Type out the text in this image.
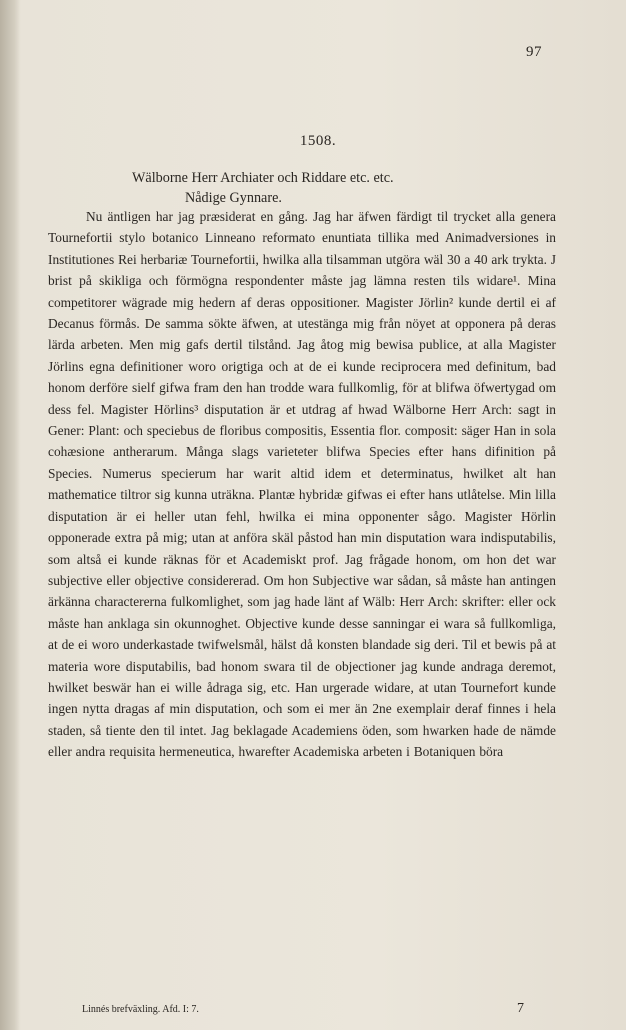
97
1508.
Wälborne Herr Archiater och Riddare etc. etc.
Nådige Gynnare.

Nu äntligen har jag præsiderat en gång. Jag har äfwen färdigt til trycket alla genera Tournefortii stylo botanico Linneano reformato enuntiata tillika med Animadversiones in Institutiones Rei herbariæ Tournefortii, hwilka alla tilsamman utgöra wäl 30 a 40 ark trykta. J brist på skikliga och förmögna respondenter måste jag lämna resten tils widare¹. Mina competitorer wägrade mig hedern af deras oppositioner. Magister Jörlin² kunde dertil ei af Decanus förmås. De samma sökte äfwen, at utestänga mig från nöyet at opponera på deras lärda arbeten. Men mig gafs dertil tilstånd. Jag åtog mig bewisa publice, at alla Magister Jörlins egna definitioner woro origtiga och at de ei kunde reciprocera med definitum, bad honom derföre sielf gifwa fram den han trodde wara fullkomlig, för at blifwa öfwertygad om dess fel. Magister Hörlins³ disputation är et utdrag af hwad Wälborne Herr Arch: sagt in Gener: Plant: och speciebus de floribus compositis, Essentia flor. composit: säger Han in sola cohæsione antherarum. Många slags varieteter blifwa Species efter hans difinition på Species. Numerus specierum har warit altid idem et determinatus, hwilket alt han mathematice tiltror sig kunna uträkna. Plantæ hybridæ gifwas ei efter hans utlåtelse. Min lilla disputation är ei heller utan fehl, hwilka ei mina opponenter sågo. Magister Hörlin opponerade extra på mig; utan at anföra skäl påstod han min disputation wara indisputabilis, som altså ei kunde räknas för et Academiskt prof. Jag frågade honom, om hon det war subjective eller objective considererad. Om hon Subjective war sådan, så måste han antingen ärkänna charactererna fulkomlighet, som jag hade länt af Wälb: Herr Arch: skrifter: eller ock måste han anklaga sin okunnoghet. Objective kunde desse sanningar ei wara så fullkomliga, at de ei woro underkastade twifwelsmål, hälst då konsten blandade sig deri. Til et bewis på at materia wore disputabilis, bad honom swara til de objectioner jag kunde andraga deremot, hwilket beswär han ei wille ådraga sig, etc. Han urgerade widare, at utan Tournefort kunde ingen nytta dragas af min disputation, och som ei mer än 2ne exemplair deraf finnes i hela staden, så tiente den til intet. Jag beklagade Academiens öden, som hwarken hade de nämde eller andra requisita hermeneutica, hwarefter Academiska arbeten i Botaniquen böra

Linnés brefväxling. Afd. I: 7.	7
